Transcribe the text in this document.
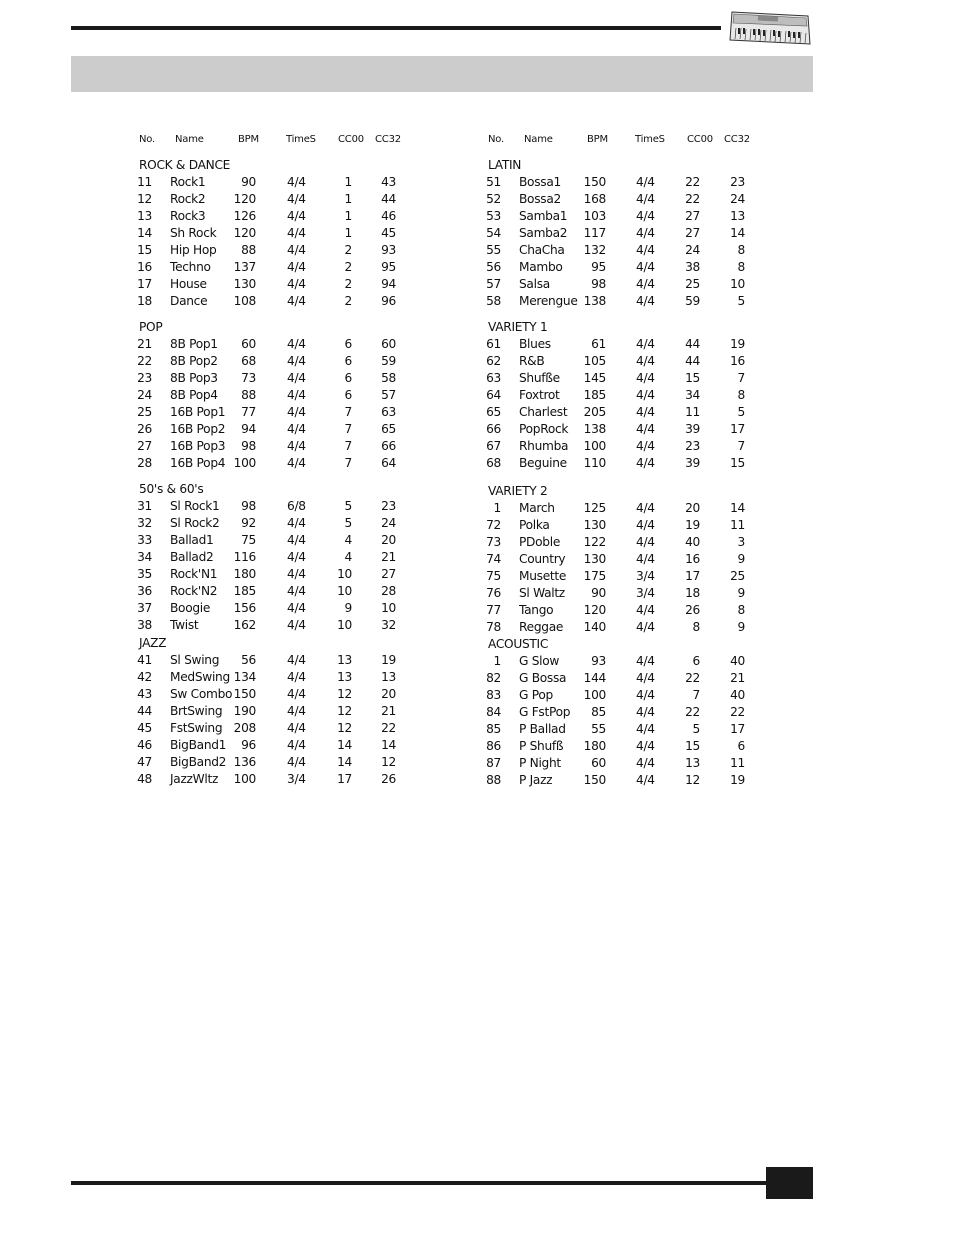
No. Name	BPM	TimeS CC00 CC32
ROCK & DANCE
11 Rock1	90	4/4	1	43
12 Rock2	120	4/4	1	44
13 Rock3	126	4/4	1	46
14 Sh Rock	120	4/4	1	45
15 Hip Hop	88	4/4	2	93
16 Techno	137	4/4	2	95
17 House	130	4/4	2	94
18 Dance	108	4/4	2	96
POP
21 8B Pop1	60	4/4	6	60
22 8B Pop2	68	4/4	6	59
23 8B Pop3	73	4/4	6	58
24 8B Pop4	88	4/4	6	57
25 16B Pop1	77	4/4	7	63
26 16B Pop2	94	4/4	7	65
27 16B Pop3	98	4/4	7	66
28 16B Pop4 100	4/4	7	64
50's & 60's
31 Sl Rock1	98	6/8	5	23
32 Sl Rock2	92	4/4	5	24
33 Ballad1	75	4/4	4	20
34 Ballad2	116	4/4	4	21
35 Rock'N1	180	4/4	10	27
36 Rock'N2	185	4/4	10	28
37 Boogie	156	4/4	9	10
38 Twist	162	4/4	10	32
JAZZ
41 Sl Swing	56	4/4	13	19
42 MedSwing 134	4/4	13	13
43 Sw Combo 150	4/4	12	20
44 BrtSwing 190	4/4	12	21
45 FstSwing 208	4/4	12	22
46 BigBand1	96	4/4	14	14
47 BigBand2 136	4/4	14	12
48 JazzWltz	100	3/4	17	26
No. Name	BPM	TimeS CC00 CC32
LATIN
51 Bossa1	150 4/4	22	23
52 Bossa2	168 4/4	22	24
53 Samba1	103 4/4	27	13
54 Samba2	117 4/4	27	14
55 ChaCha	132 4/4	24	8
56 Mambo	95 4/4	38	8
57 Salsa	98 4/4	25	10
58 Merengue 138 4/4	59	5
VARIETY 1
61 Blues	61 4/4	44	19
62 R&B	105 4/4	44	16
63 Shufße	145 4/4	15	7
64 Foxtrot	185 4/4	34	8
65 Charlest	205 4/4	11	5
66 PopRock	138 4/4	39	17
67 Rhumba	100 4/4	23	7
68 Beguine	110 4/4	39	15
VARIETY 2
1 March	125 4/4	20	14
72 Polka	130 4/4	19	11
73 PDoble	122 4/4	40	3
74 Country	130 4/4	16	9
75 Musette	175 3/4	17	25
76 Sl Waltz	90 3/4	18	9
77 Tango	120 4/4	26	8
78 Reggae	140 4/4	8	9
ACOUSTIC
1 G Slow	93 4/4	6	40
82 G Bossa	144 4/4	22	21
83 G Pop	100 4/4	7	40
84 G FstPop	85 4/4	22	22
85 P Ballad	55 4/4	5	17
86 P Shufß	180 4/4	15	6
87 P Night	60 4/4	13	11
88 P Jazz	150 4/4	12	19
